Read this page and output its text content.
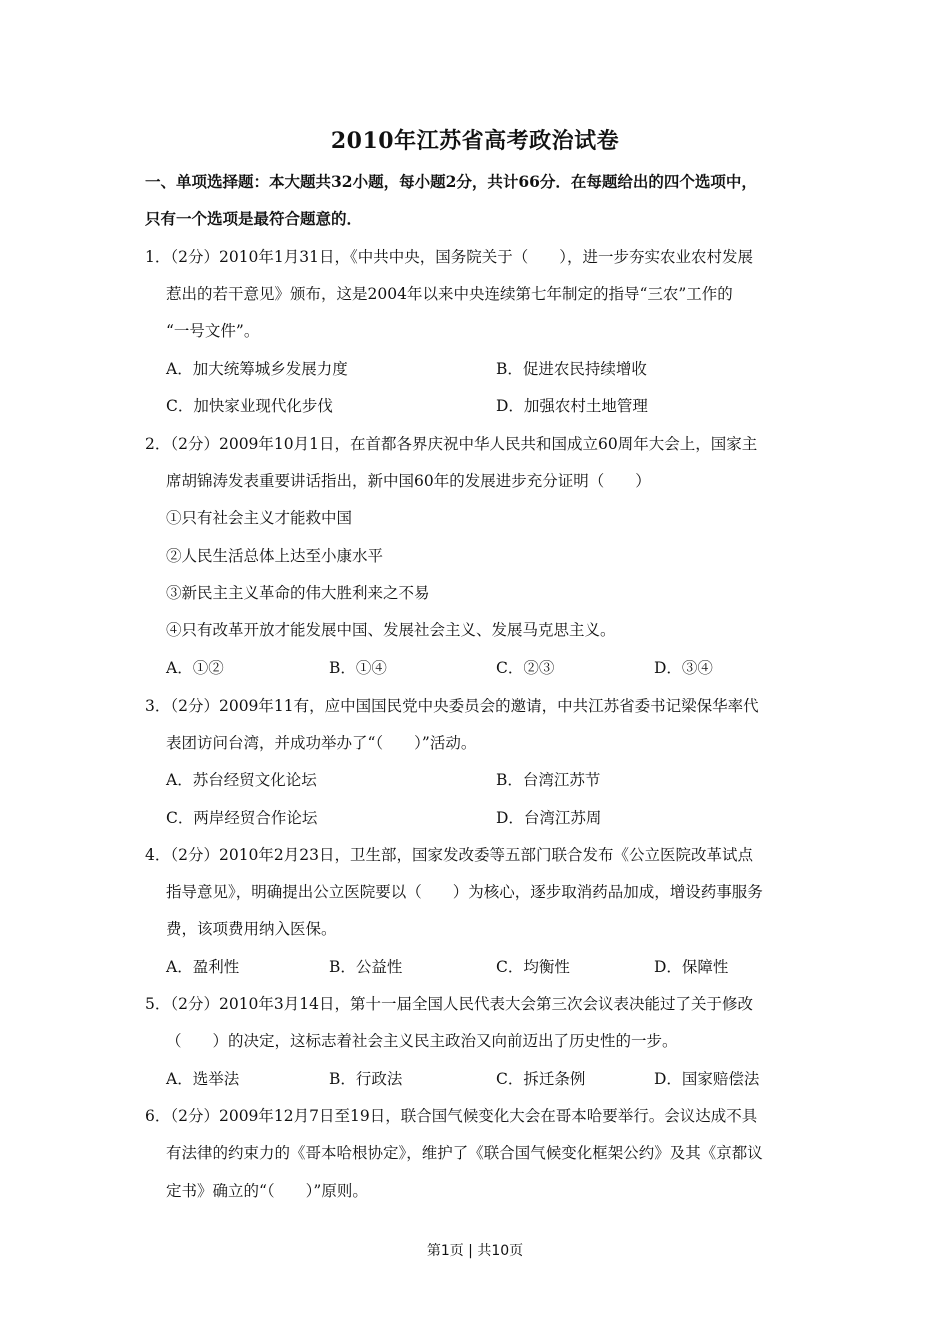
2010年江苏省高考政治试卷
一、单项选择题：本大题共32小题，每小题2分，共计66分．在每题给出的四个选项中，
只有一个选项是最符合题意的．
1．（2分）2010年1月31日，《中共中央，国务院关于（　　），进一步夯实农业农村发展
惹出的若干意见》颁布，这是2004年以来中央连续第七年制定的指导“三农”工作的
“一号文件”。
A．加大统筹城乡发展力度	B．促进农民持续增收
C．加快家业现代化步伐	D．加强农村土地管理
2．（2分）2009年10月1日，在首都各界庆祝中华人民共和国成立60周年大会上，国家主
席胡锦涛发表重要讲话指出，新中国60年的发展进步充分证明（　　）
①只有社会主义才能救中国
②人民生活总体上达至小康水平
③新民主主义革命的伟大胜利来之不易
④只有改革开放才能发展中国、发展社会主义、发展马克思主义。
A．①②	B．①④	C．②③	D．③④
3．（2分）2009年11有，应中国国民党中央委员会的邀请，中共江苏省委书记梁保华率代
表团访问台湾，并成功举办了“（　　）”活动。
A．苏台经贸文化论坛	B．台湾江苏节
C．两岸经贸合作论坛	D．台湾江苏周
4．（2分）2010年2月23日，卫生部，国家发改委等五部门联合发布《公立医院改革试点
指导意见》，明确提出公立医院要以（　　）为核心，逐步取消药品加成，增设药事服务
费，该项费用纳入医保。
A．盈利性	B．公益性	C．均衡性	D．保障性
5．（2分）2010年3月14日，第十一届全国人民代表大会第三次会议表决能过了关于修改
（　　）的决定，这标志着社会主义民主政治又向前迈出了历史性的一步。
A．选举法	B．行政法	C．拆迁条例	D．国家赔偿法
6．（2分）2009年12月7日至19日，联合国气候变化大会在哥本哈要举行。会议达成不具
有法律的约束力的《哥本哈根协定》，维护了《联合国气候变化框架公约》及其《京都议
定书》确立的“（　　）”原则。
第1页 | 共10页
